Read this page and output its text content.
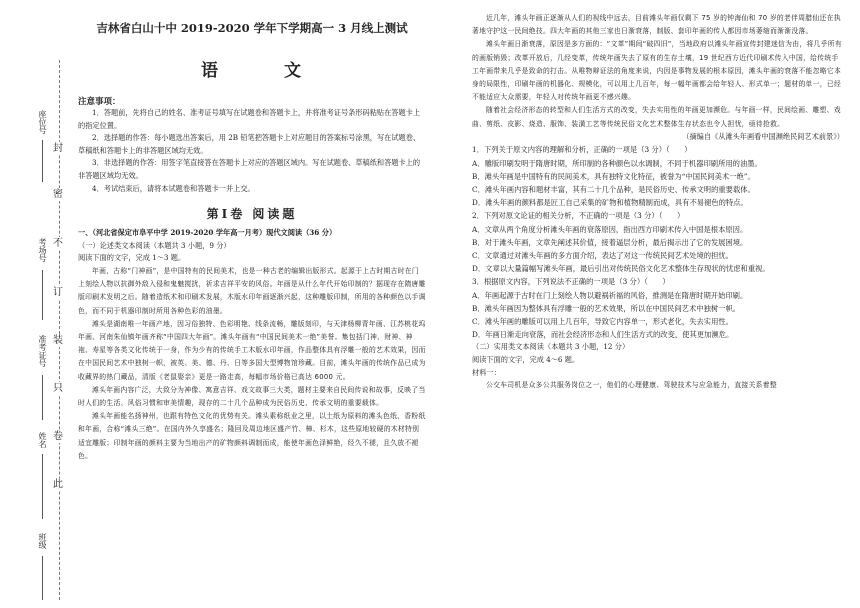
封
密
不
订
装
只
卷
此
座位号
考场号
准考证号
姓名
班级
吉林省白山十中 2019-2020 学年下学期高一 3 月线上测试
语 文
注意事项：

1．答题前，先将自己的姓名、准考证号填写在试题卷和答题卡上，并将准考证号条形码粘贴在答题卡上的指定位置。

2．选择题的作答：每小题选出答案后，用 2B 铅笔把答题卡上对应题目的答案标号涂黑，写在试题卷、草稿纸和答题卡上的非答题区域均无效。

3．非选择题的作答：用签字笔直接答在答题卡上对应的答题区域内。写在试题卷、草稿纸和答题卡上的非答题区域均无效。

4．考试结束后，请将本试题卷和答题卡一并上交。

第Ⅰ卷 阅读题

一、（河北省保定市阜平中学 2019-2020 学年高一月考）现代文阅读（36 分）

（一）论述类文本阅读（本题共 3 小题，9 分）

阅读下面的文字，完成 1～3 题。

年画，古称“门神画”，是中国特有的民间美术，也是一种古老的编辑出版形式。起源于上古时期古时在门上刻绘人物以抗御外敌入侵和鬼魅搅扰，祈求吉祥平安的风俗。年画是从什么年代开始印制的？据现存在隋唐雕版印刷术发明之后。随着造纸术和印刷术发展，木版水印年画逐渐兴起，这种雕版印制，所用的各种颜色以手调色，而不同于机器印制时所用各种色彩的油墨。

滩头是湖南唯一年画产地，因习俗独特、色彩明艳、线条流畅，雕版刻印，与天津杨柳青年画、江苏桃花坞年画、河南朱仙镇年画齐称“中国四大年画”。滩头年画有“中国民间美术一绝”美誉。集包括门神、财神、神袍、寿星等各类文化传统于一身，作为少有的传统手工木版水印年画，作品整体具有浮雕一般的艺术效果，因而在中国民间艺术中独树一帜，被英、美、德、丹、日等多国大型博物馆珍藏。目前，滩头年画的传统作品已成为收藏界的热门藏品，清版《老鼠娶亲》更是一路走高，每幅市场价格已高达 6000 元。

滩头年画内容广泛，大致分为神像、寓意吉祥、戏文故事三大类，题材主要来自民间传说和故事，反映了当时人们的生活、风俗习惯和审美情趣，现存的二十几个品种成为民俗历史、传承文明的重要载体。

滩头年画能名扬神州，也跟有特色文化的优势有关。滩头素称纸业之里，以土纸为原料的滩头色纸、香粉纸和年画，合称“滩头三绝”。在国内外久享盛名；隆回及周边地区盛产竹、樟、杉木，这些原地较硬的木材特别适宜雕版；印制年画的颜料主要为当地出产的矿物颜料调制而成，能使年画色泽鲜艳，经久不褪，且久放不褪色。

近几年，滩头年画正逐渐从人们的视线中远去，目前滩头年画仅剩下 75 岁的钟海仙和 70 岁的老伴周腊仙还在执著地守护这一民间绝技。四大年画的其他三家也日渐衰落，制版、套印年画的传人都因市场萎缩而渐渐没落。

滩头年画日渐衰落，原因是多方面的：“文革”期间“破四旧”，当地政府以滩头年画宣传封建迷信为由，将几乎所有的画版销毁；改革开放后，几经变革，传统年画失去了原有的生存土壤，19 世纪西方近代印刷术传入中国，给传统手工年画带来几乎是致命的打击。从唯物辩证法的角度来说，内因是事物发展的根本原因，滩头年画的衰落不能忽略它本身的局限性，印刷年画的机器化、规模化，可以用上几百年，每一幅年画都会给年轻人、形式单一；题材的单一，已经不能适应大众需要，年轻人对传统年画更不感兴趣。

随着社会经济形态的转型和人们生活方式的改变，失去实用性的年画更加濒危。与年画一样，民间绘画、雕塑、戏曲、剪纸、皮影、烧造、服饰、装潢工艺等传统民俗文化艺术整体生存状态也令人担忧，亟待抢救。

（摘编自《从滩头年画看中国濒绝民间艺术前景》）

1．下列关于原文内容的理解和分析，正确的一项是（3 分）（　　）

A．雕版印刷发明于隋唐时期，所印制的各种颜色以水调制，不同于机器印刷所用的油墨。

B．滩头年画是中国特有的民间美术，具有独特文化特征，被誉为“中国民间美术一绝”。

C．滩头年画内容和题材丰富，其有二十几个品种，是民俗历史、传承文明的重要载体。

D．滩头年画的颜料都是匠工自己采集的矿物和植物精制而成，具有不易褪色的特点。

2．下列对原文论证的相关分析，不正确的一项是（3 分）（　　）

A．文章从两个角度分析滩头年画的衰落原因，指出西方印刷术传入中国是根本原因。

B．对于滩头年画，文章先阐述其价值，接着逼层分析，最后揭示出了它的发展困境。

C．文章通过对滩头年画的多方面介绍，表达了对这一传统民间艺术处境的担忧。

D．文章以大量篇幅写滩头年画，最后引出对传统民俗文化艺术整体生存现状的忧虑和重视。

3．根据原文内容，下列说法不正确的一项是（3 分）（　　）

A．年画起源于古时在门上刻绘人物以避祸祈福的风俗，推测是在隋唐时期开始印刷。

B．滩头年画因为整体具有浮雕一般的艺术效果，所以在中国民间艺术中独树一帜。

C．滩头年画的雕版可以用上几百年，导致它内容单一，形式老化，失去实用性。

D．年画日渐走向衰落，而社会经济形态和人们生活方式的改变，使其更加濒危。

（二）实用类文本阅读（本题共 3 小题，12 分）

阅读下面的文字，完成 4～6 题。

材料一：

公交车司机是众多公共服务岗位之一，他们的心理健康、驾驶技术与应急能力，直接关系着整
